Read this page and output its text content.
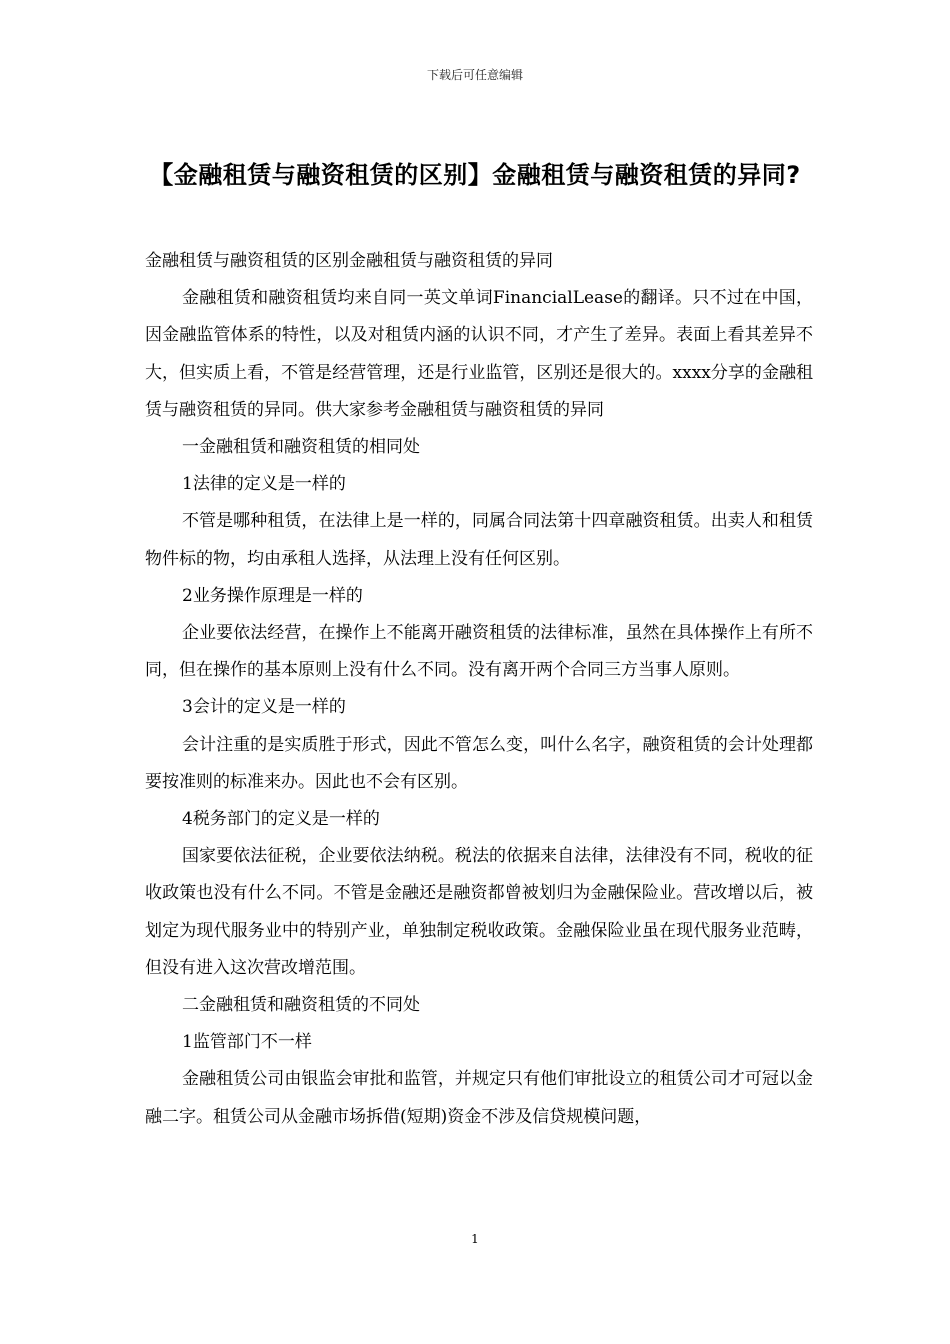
下载后可任意编辑
【金融租赁与融资租赁的区别】金融租赁与融资租赁的异同?

金融租赁与融资租赁的区别金融租赁与融资租赁的异同

金融租赁和融资租赁均来自同一英文单词FinancialLease的翻译。只不过在中国，因金融监管体系的特性，以及对租赁内涵的认识不同，才产生了差异。表面上看其差异不大，但实质上看，不管是经营管理，还是行业监管，区别还是很大的。xxxx分享的金融租赁与融资租赁的异同。供大家参考金融租赁与融资租赁的异同

一金融租赁和融资租赁的相同处

1法律的定义是一样的

不管是哪种租赁，在法律上是一样的，同属合同法第十四章融资租赁。出卖人和租赁物件标的物，均由承租人选择，从法理上没有任何区别。

2业务操作原理是一样的

企业要依法经营，在操作上不能离开融资租赁的法律标准，虽然在具体操作上有所不同，但在操作的基本原则上没有什么不同。没有离开两个合同三方当事人原则。

3会计的定义是一样的

会计注重的是实质胜于形式，因此不管怎么变，叫什么名字，融资租赁的会计处理都要按准则的标准来办。因此也不会有区别。

4税务部门的定义是一样的

国家要依法征税，企业要依法纳税。税法的依据来自法律，法律没有不同，税收的征收政策也没有什么不同。不管是金融还是融资都曾被划归为金融保险业。营改增以后，被划定为现代服务业中的特别产业，单独制定税收政策。金融保险业虽在现代服务业范畴，但没有进入这次营改增范围。

二金融租赁和融资租赁的不同处

1监管部门不一样

金融租赁公司由银监会审批和监管，并规定只有他们审批设立的租赁公司才可冠以金融二字。租赁公司从金融市场拆借(短期)资金不涉及信贷规模问题，

1
